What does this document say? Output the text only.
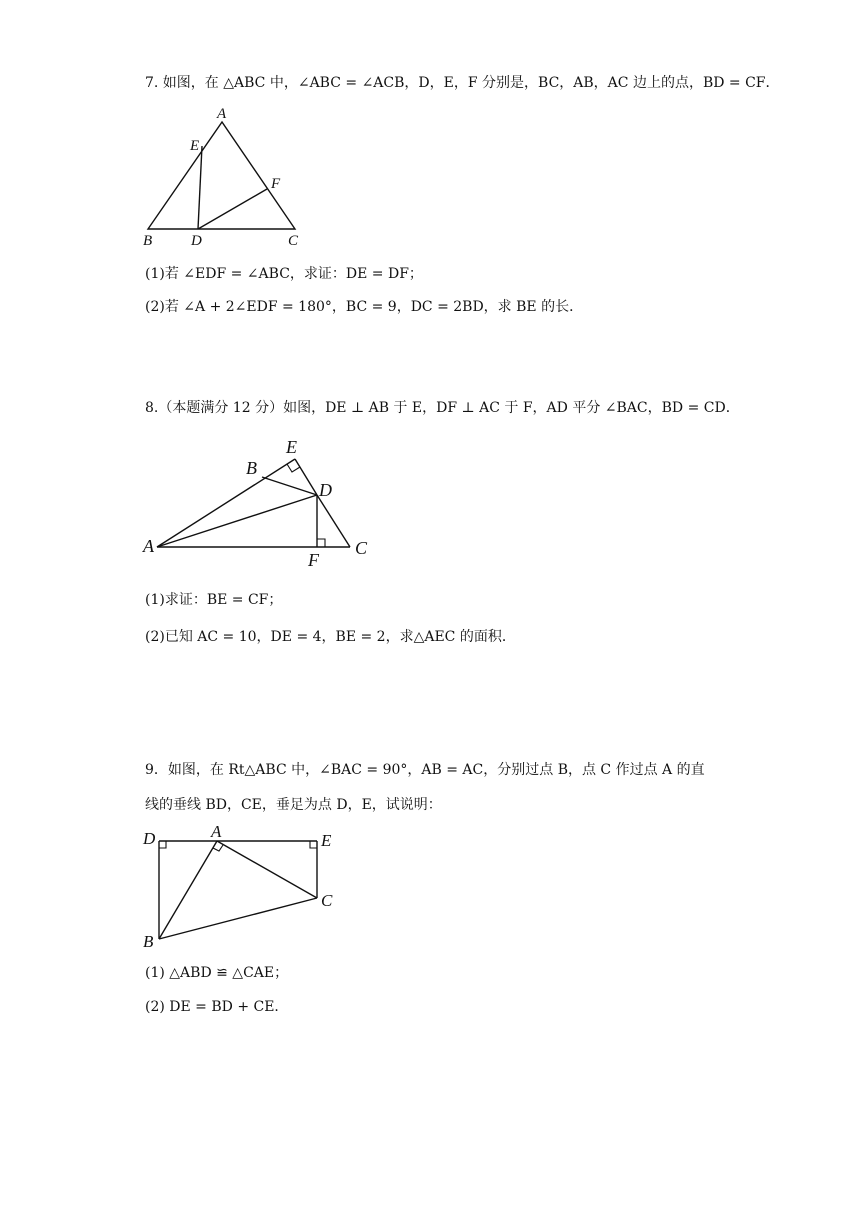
7. 如图，在 △ABC 中，∠ABC = ∠ACB，D，E，F 分别是，BC，AB，AC 边上的点，BD = CF．
A
E
F
B	D	C
(1)若 ∠EDF = ∠ABC，求证：DE = DF；
(2)若 ∠A + 2∠EDF = 180°，BC = 9，DC = 2BD，求 BE 的长．
8.（本题满分 12 分）如图，DE ⊥ AB 于 E，DF ⊥ AC 于 F，AD 平分 ∠BAC，BD = CD．
E
B
D
A	C
F
(1)求证：BE = CF；
(2)已知 AC = 10，DE = 4，BE = 2，求△AEC 的面积．
9．如图，在 Rt△ABC 中，∠BAC = 90°，AB = AC，分别过点 B，点 C 作过点 A 的直
线的垂线 BD，CE，垂足为点 D，E，试说明：
D	A	E
C
B
(1) △ABD ≌ △CAE；
(2) DE = BD + CE．
